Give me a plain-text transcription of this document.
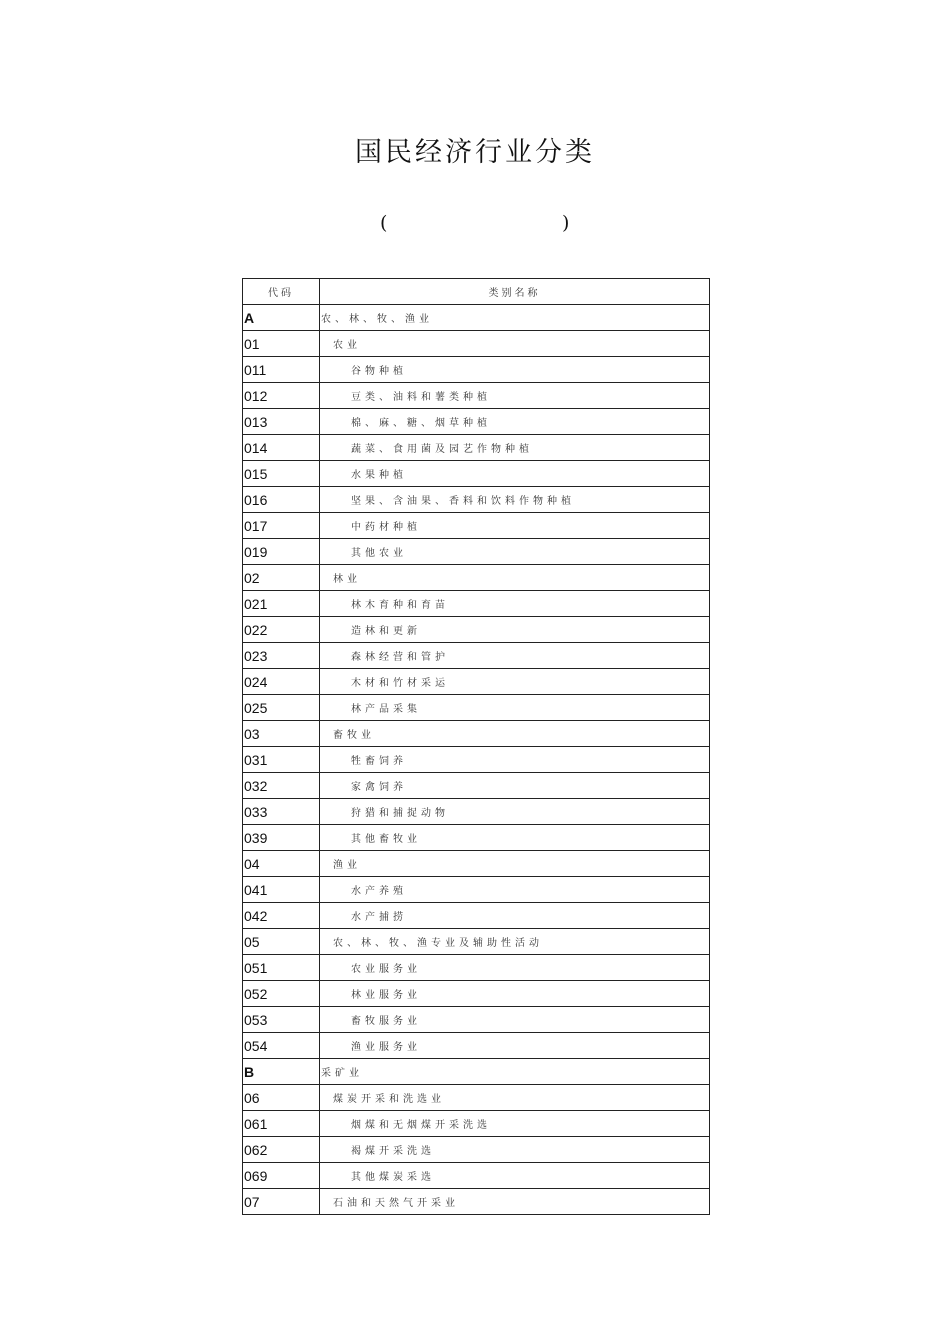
国民经济行业分类
(	)
代码	类别名称
A	农、林、牧、渔业
01	农业
011	谷物种植
012	豆类、油料和薯类种植
013	棉、麻、糖、烟草种植
014	蔬菜、食用菌及园艺作物种植
015	水果种植
016	坚果、含油果、香料和饮料作物种植
017	中药材种植
019	其他农业
02	林业
021	林木育种和育苗
022	造林和更新
023	森林经营和管护
024	木材和竹材采运
025	林产品采集
03	畜牧业
031	牲畜饲养
032	家禽饲养
033	狩猎和捕捉动物
039	其他畜牧业
04	渔业
041	水产养殖
042	水产捕捞
05	农、林、牧、渔专业及辅助性活动
051	农业服务业
052	林业服务业
053	畜牧服务业
054	渔业服务业
B	采矿业
06	煤炭开采和洗选业
061	烟煤和无烟煤开采洗选
062	褐煤开采洗选
069	其他煤炭采选
07	石油和天然气开采业
